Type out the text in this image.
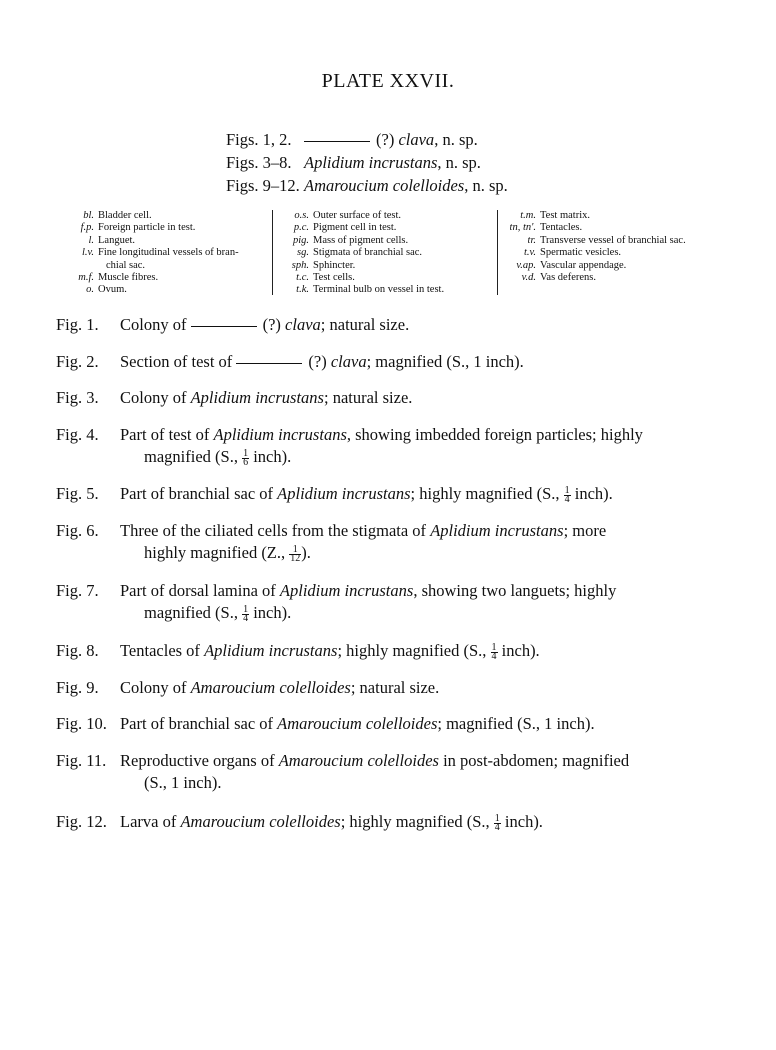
PLATE XXVII.
Figs. 1, 2.	(?) clava, n. sp.
Figs. 3–8. Aplidium incrustans, n. sp.
Figs. 9–12. Amaroucium colelloides, n. sp.
bl. Bladder cell.
f.p. Foreign particle in test.
l. Languet.
l.v. Fine longitudinal vessels of bran-
chial sac.
m.f. Muscle fibres.
o. Ovum.
o.s. Outer surface of test.
p.c. Pigment cell in test.
pig. Mass of pigment cells.
sg. Stigmata of branchial sac.
sph. Sphincter.
t.c. Test cells.
t.k. Terminal bulb on vessel in test.
t.m. Test matrix.
tn, tn'. Tentacles.
tr. Transverse vessel of branchial sac.
t.v. Spermatic vesicles.
v.ap. Vascular appendage.
v.d. Vas deferens.
Fig. 1. Colony of	(?) clava; natural size.
Fig. 2. Section of test of	(?) clava; magnified (S., 1 inch).
Fig. 3. Colony of Aplidium incrustans; natural size.
Fig. 4. Part of test of Aplidium incrustans, showing imbedded foreign particles; highly
magnified (S., $\frac{1}{6}$ inch).
Fig. 5. Part of branchial sac of Aplidium incrustans; highly magnified (S., $\frac{1}{4}$ inch).
Fig. 6. Three of the ciliated cells from the stigmata of Aplidium incrustans; more
highly magnified (Z., $\frac{1}{12}$ ).
Fig. 7. Part of dorsal lamina of Aplidium incrustans, showing two languets; highly
magnified (S., $\frac{1}{4}$ inch).
Fig. 8. Tentacles of Aplidium incrustans; highly magnified (S., $\frac{1}{4}$ inch).
Fig. 9. Colony of Amaroucium colelloides; natural size.
Fig. 10. Part of branchial sac of Amaroucium colelloides; magnified (S., 1 inch).
Fig. 11. Reproductive organs of Amaroucium colelloides in post-abdomen; magnified
(S., 1 inch).
Fig. 12. Larva of Amaroucium colelloides; highly magnified (S., $\frac{1}{4}$ inch).
